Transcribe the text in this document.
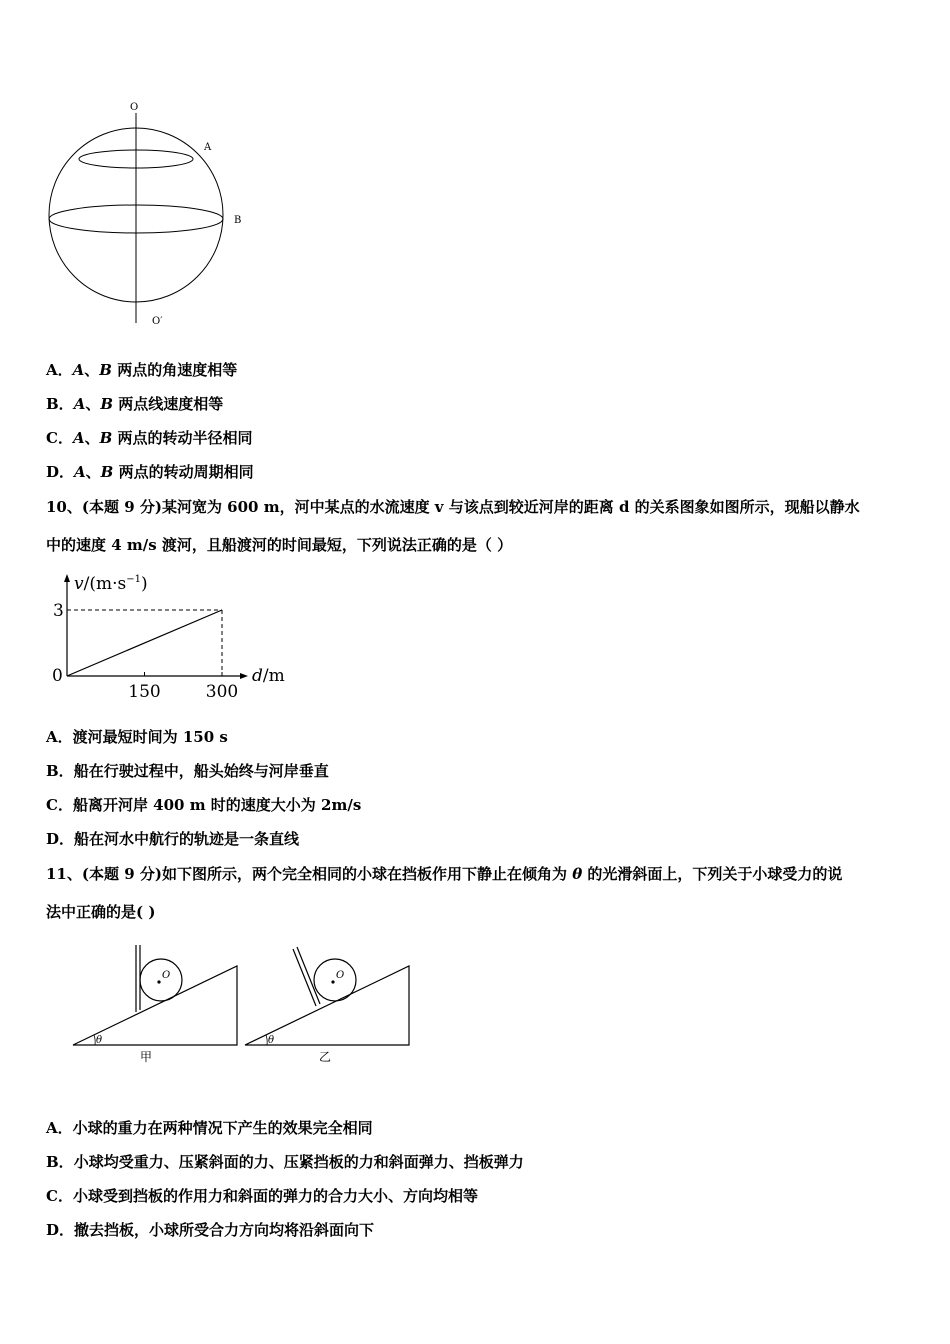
O
A
B
O′
A．A、B 两点的角速度相等
B．A、B 两点线速度相等
C．A、B 两点的转动半径相同
D．A、B 两点的转动周期相同
10、(本题 9 分)某河宽为 600 m，河中某点的水流速度 v 与该点到较近河岸的距离 d 的关系图象如图所示，现船以静水
中的速度 4 m/s 渡河，且船渡河的时间最短，下列说法正确的是（ ）
$v/(m\cdot s^{-1})$
d/m
0
150	300
3
A．渡河最短时间为 150 s
B．船在行驶过程中，船头始终与河岸垂直
C．船离开河岸 400 m 时的速度大小为 2m/s
D．船在河水中航行的轨迹是一条直线
11、(本题 9 分)如下图所示，两个完全相同的小球在挡板作用下静止在倾角为 θ 的光滑斜面上，下列关于小球受力的说
法中正确的是( )
θ
O
甲
θ
O
乙
A．小球的重力在两种情况下产生的效果完全相同
B．小球均受重力、压紧斜面的力、压紧挡板的力和斜面弹力、挡板弹力
C．小球受到挡板的作用力和斜面的弹力的合力大小、方向均相等
D．撤去挡板，小球所受合力方向均将沿斜面向下
